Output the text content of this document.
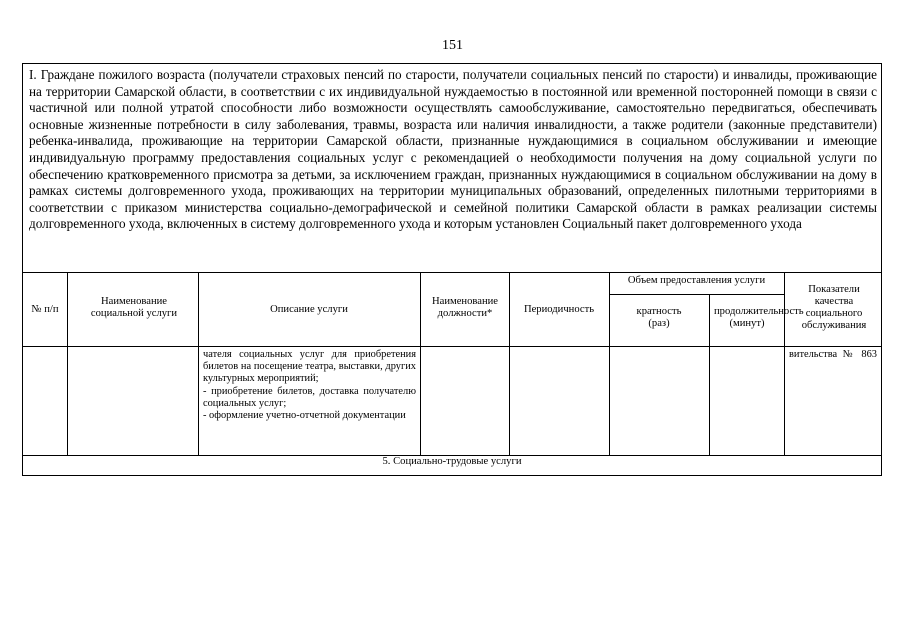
151
I. Граждане пожилого возраста (получатели страховых пенсий по старости, получатели социальных пенсий по старости) и инвалиды, проживающие на территории Самарской области, в соответствии с их индивидуальной нуждаемостью в постоянной или временной посторонней помощи в связи с частичной или полной утратой способности либо возможности осуществлять самообслуживание, самостоятельно передвигаться, обеспечивать основные жизненные потребности в силу заболевания, травмы, возраста или наличия инвалидности, а также родители (законные представители) ребенка-инвалида, проживающие на территории Самарской области, признанные нуждающимися в социальном обслуживании и имеющие индивидуальную программу предоставления социальных услуг с рекомендацией о необходимости получения на дому социальной услуги по обеспечению кратковременного присмотра за детьми, за исключением граждан, признанных нуждающимися в социальном обслуживании на дому в рамках системы долговременного ухода, проживающих на территории муниципальных образований, определенных пилотными территориями в соответствии с приказом министерства социально-демографической и семейной политики Самарской области в рамках реализации системы долговременного ухода, включенных в систему долговременного ухода и которым установлен Социальный пакет долговременного ухода
№ п/п
Наименование социальной услуги	Описание услуги
Наименование должности*	Периодичность
Объем предоставления услуги
кратность (раз)
продолжительность (минут)
Показатели качества социального обслуживания

чателя социальных услуг для приобретения билетов на посещение театра, выставки, других культурных мероприятий;

- приобретение билетов, доставка получателю социальных услуг;

- оформление учетно-отчетной документации

вительства № 863

5. Социально-трудовые услуги
